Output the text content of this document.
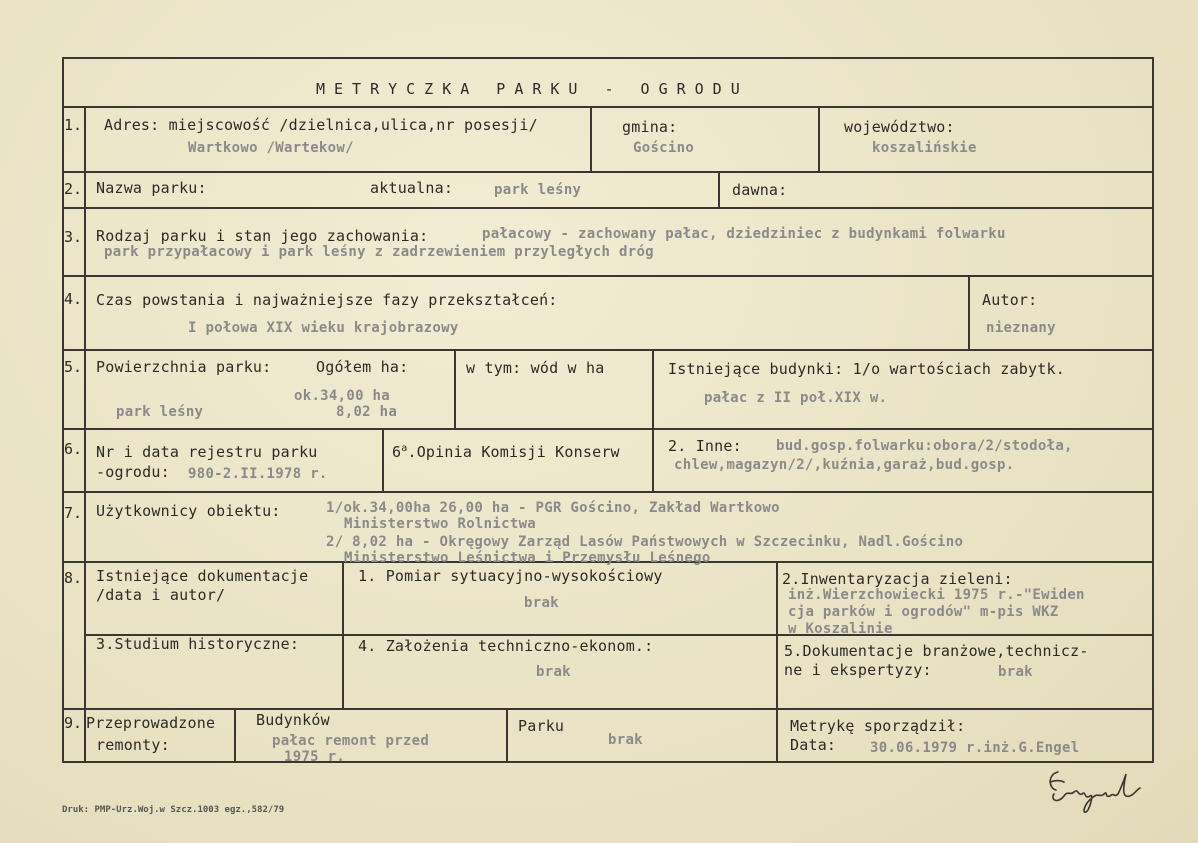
METRYCZKA PARKU - OGRODU
1. Adres: miejscowość /dzielnica,ulica,nr posesji/
Wartkowo /Wartekow/
gmina:
Gościno
województwo:
koszalińskie
2. Nazwa parku:	aktualna:	park leśny	dawna:
3. Rodzaj parku i stan jego zachowania:	pałacowy - zachowany pałac, dziedziniec z budynkami folwarku
park przypałacowy i park leśny z zadrzewieniem przyległych dróg
4. Czas powstania i najważniejsze fazy przekształceń:
I połowa XIX wieku krajobrazowy
Autor:
nieznany
5. Powierzchnia parku:	Ogółem ha:
ok.34,00 ha
park leśny	8,02 ha
w tym: wód w ha	Istniejące budynki: 1/o wartościach zabytk.
pałac z II poł.XIX w.
6. Nr i data rejestru parku
-ogrodu: 980-2.II.1978 r.
6$^a$.Opinia Komisji Konserw	2. Inne: bud.gosp.folwarku:obora/2/stodoła,
chlew,magazyn/2/,kuźnia,garaż,bud.gosp.
7. Użytkownicy obiektu:	1/ok.34,00ha 26,00 ha - PGR Gościno, Zakład Wartkowo
Ministerstwo Rolnictwa
2/ 8,02 ha - Okręgowy Zarząd Lasów Państwowych w Szczecinku, Nadl.Gościno
Ministerstwo Leśnictwa i Przemysłu Leśnego
8. Istniejące dokumentacje
/data i autor/
1. Pomiar sytuacyjno-wysokościowy
brak
2.Inwentaryzacja zieleni:
inż.Wierzchowiecki 1975 r.-"Ewiden
cja parków i ogrodów" m-pis WKZ
w Koszalinie
3.Studium historyczne:	4. Założenia techniczno-ekonom.:
brak
5.Dokumentacje branżowe,technicz-
ne i ekspertyzy:	brak
9. Przeprowadzone
remonty:
Budynków
pałac remont przed
1975 r.
Parku
brak
Metrykę sporządził:
Data: 30.06.1979 r.inż.G.Engel
Druk: PMP-Urz.Woj.w Szcz.1003 egz.,582/79
